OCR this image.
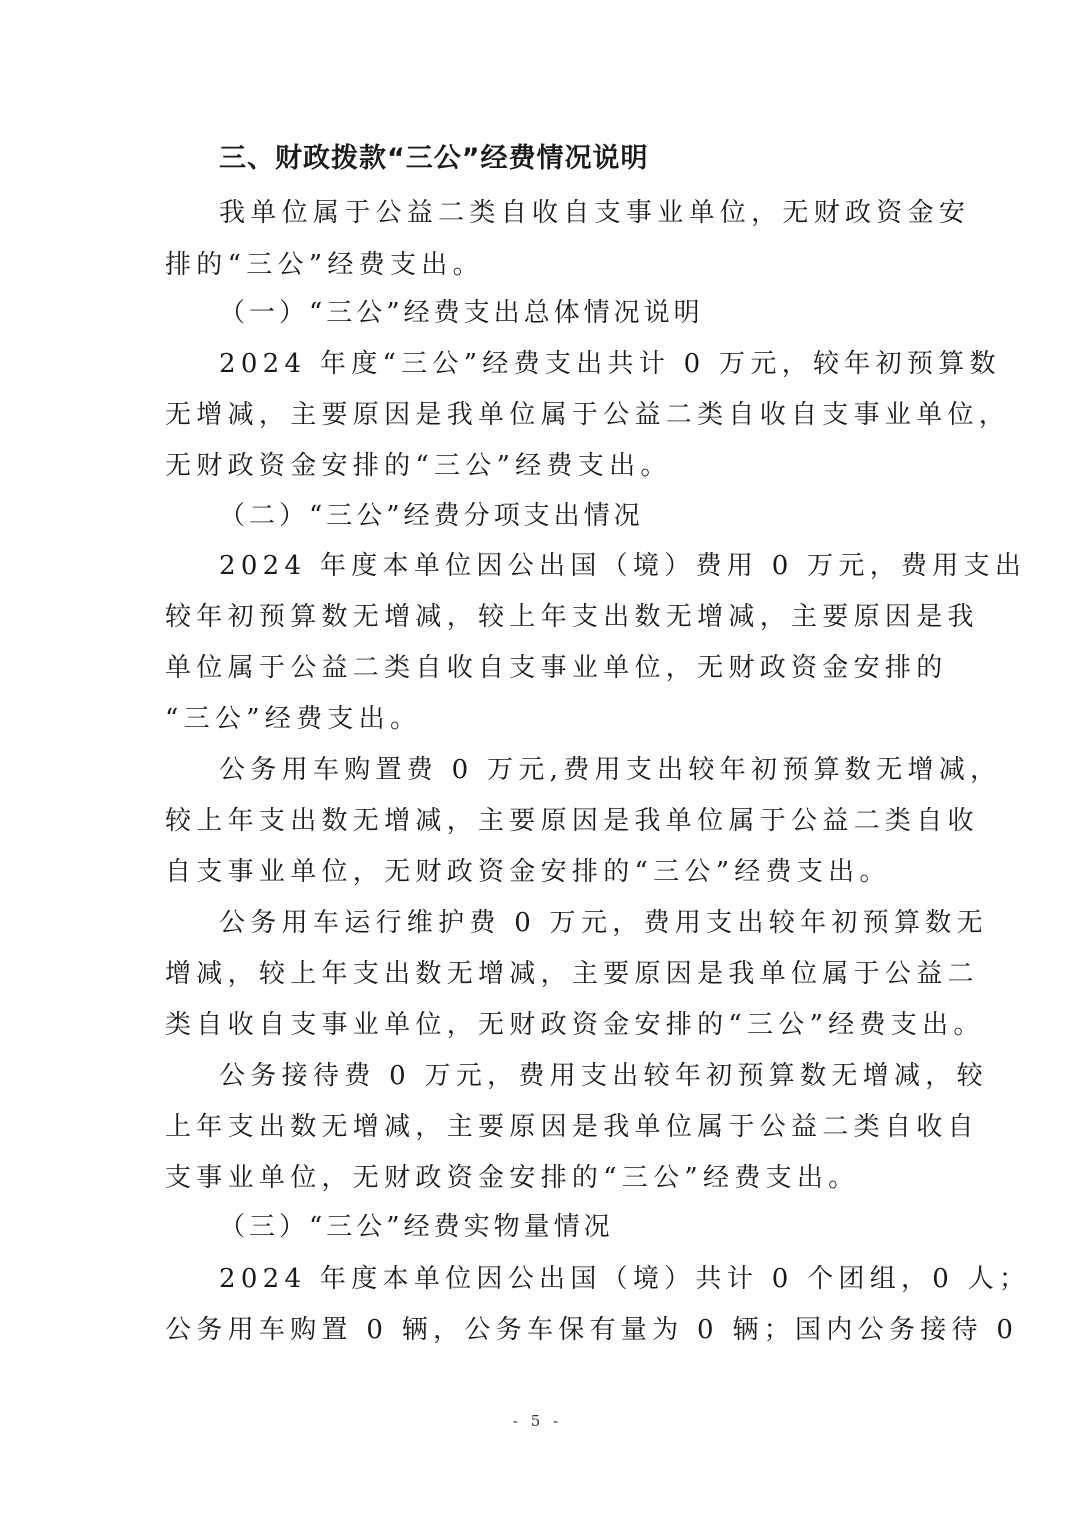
三、财政拨款“三公”经费情况说明
我单位属于公益二类自收自支事业单位，无财政资金安
排的“三公”经费支出。
（一）“三公”经费支出总体情况说明
2024 年度“三公”经费支出共计 0 万元，较年初预算数
无增减，主要原因是我单位属于公益二类自收自支事业单位，
无财政资金安排的“三公”经费支出。
（二）“三公”经费分项支出情况
2024 年度本单位因公出国（境）费用 0 万元，费用支出
较年初预算数无增减，较上年支出数无增减，主要原因是我
单位属于公益二类自收自支事业单位，无财政资金安排的
“三公”经费支出。
公务用车购置费 0 万元,费用支出较年初预算数无增减，
较上年支出数无增减，主要原因是我单位属于公益二类自收
自支事业单位，无财政资金安排的“三公”经费支出。
公务用车运行维护费 0 万元，费用支出较年初预算数无
增减，较上年支出数无增减，主要原因是我单位属于公益二
类自收自支事业单位，无财政资金安排的“三公”经费支出。
公务接待费 0 万元，费用支出较年初预算数无增减，较
上年支出数无增减，主要原因是我单位属于公益二类自收自
支事业单位，无财政资金安排的“三公”经费支出。
（三）“三公”经费实物量情况
2024 年度本单位因公出国（境）共计 0 个团组，0 人；
公务用车购置 0 辆，公务车保有量为 0 辆；国内公务接待 0
- 5 -
